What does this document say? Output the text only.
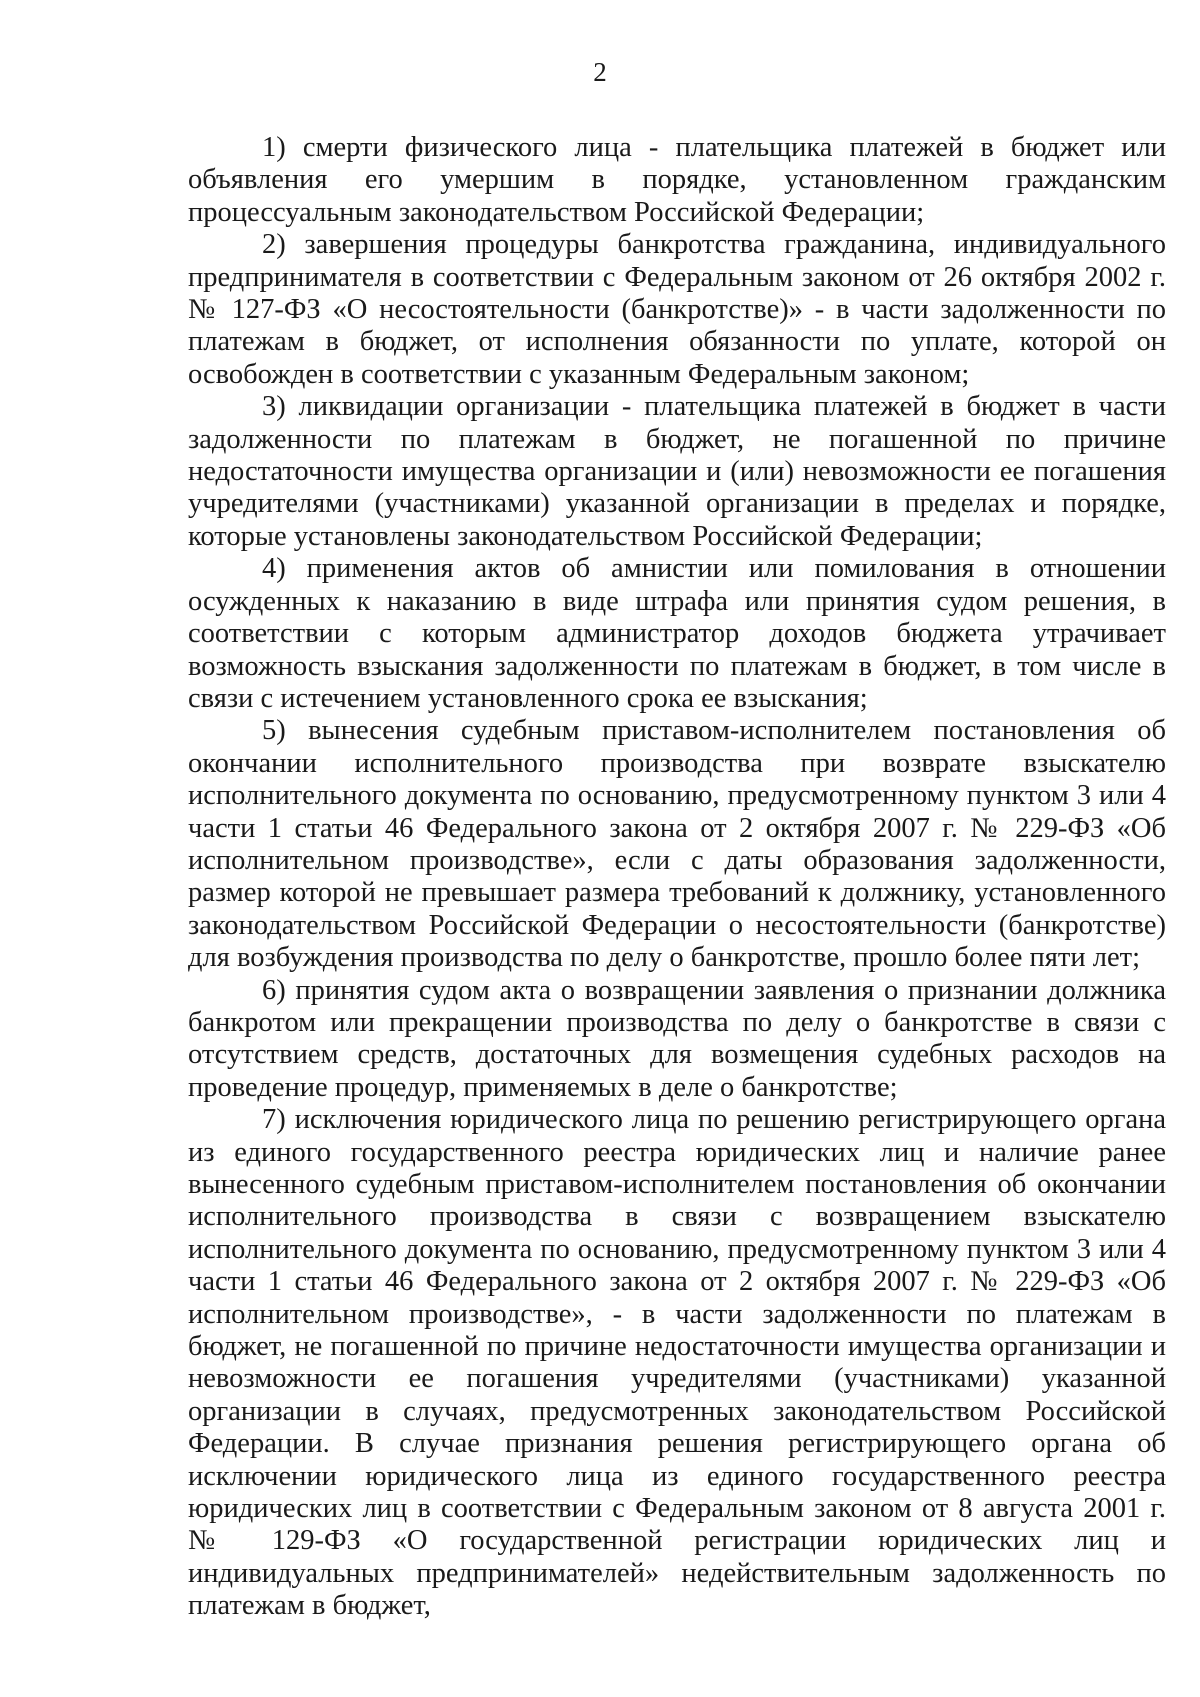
2

1) смерти физического лица - плательщика платежей в бюджет или объявления его умершим в порядке, установленном гражданским процессуальным законодательством Российской Федерации;

2) завершения процедуры банкротства гражданина, индивидуального предпринимателя в соответствии с Федеральным законом от 26 октября 2002 г. № 127-ФЗ «О несостоятельности (банкротстве)» - в части задолженности по платежам в бюджет, от исполнения обязанности по уплате, которой он освобожден в соответствии с указанным Федеральным законом;

3) ликвидации организации - плательщика платежей в бюджет в части задолженности по платежам в бюджет, не погашенной по причине недостаточности имущества организации и (или) невозможности ее погашения учредителями (участниками) указанной организации в пределах и порядке, которые установлены законодательством Российской Федерации;

4) применения актов об амнистии или помилования в отношении осужденных к наказанию в виде штрафа или принятия судом решения, в соответствии с которым администратор доходов бюджета утрачивает возможность взыскания задолженности по платежам в бюджет, в том числе в связи с истечением установленного срока ее взыскания;

5) вынесения судебным приставом-исполнителем постановления об окончании исполнительного производства при возврате взыскателю исполнительного документа по основанию, предусмотренному пунктом 3 или 4 части 1 статьи 46 Федерального закона от 2 октября 2007 г. № 229-ФЗ «Об исполнительном производстве», если с даты образования задолженности, размер которой не превышает размера требований к должнику, установленного законодательством Российской Федерации о несостоятельности (банкротстве) для возбуждения производства по делу о банкротстве, прошло более пяти лет;

6) принятия судом акта о возвращении заявления о признании должника банкротом или прекращении производства по делу о банкротстве в связи с отсутствием средств, достаточных для возмещения судебных расходов на проведение процедур, применяемых в деле о банкротстве;

7) исключения юридического лица по решению регистрирующего органа из единого государственного реестра юридических лиц и наличие ранее вынесенного судебным приставом-исполнителем постановления об окончании исполнительного производства в связи с возвращением взыскателю исполнительного документа по основанию, предусмотренному пунктом 3 или 4 части 1 статьи 46 Федерального закона от 2 октября 2007 г. № 229-ФЗ «Об исполнительном производстве», - в части задолженности по платежам в бюджет, не погашенной по причине недостаточности имущества организации и невозможности ее погашения учредителями (участниками) указанной организации в случаях, предусмотренных законодательством Российской Федерации. В случае признания решения регистрирующего органа об исключении юридического лица из единого государственного реестра юридических лиц в соответствии с Федеральным законом от 8 августа 2001 г. № 129-ФЗ «О государственной регистрации юридических лиц и индивидуальных предпринимателей» недействительным задолженность по платежам в бюджет,
